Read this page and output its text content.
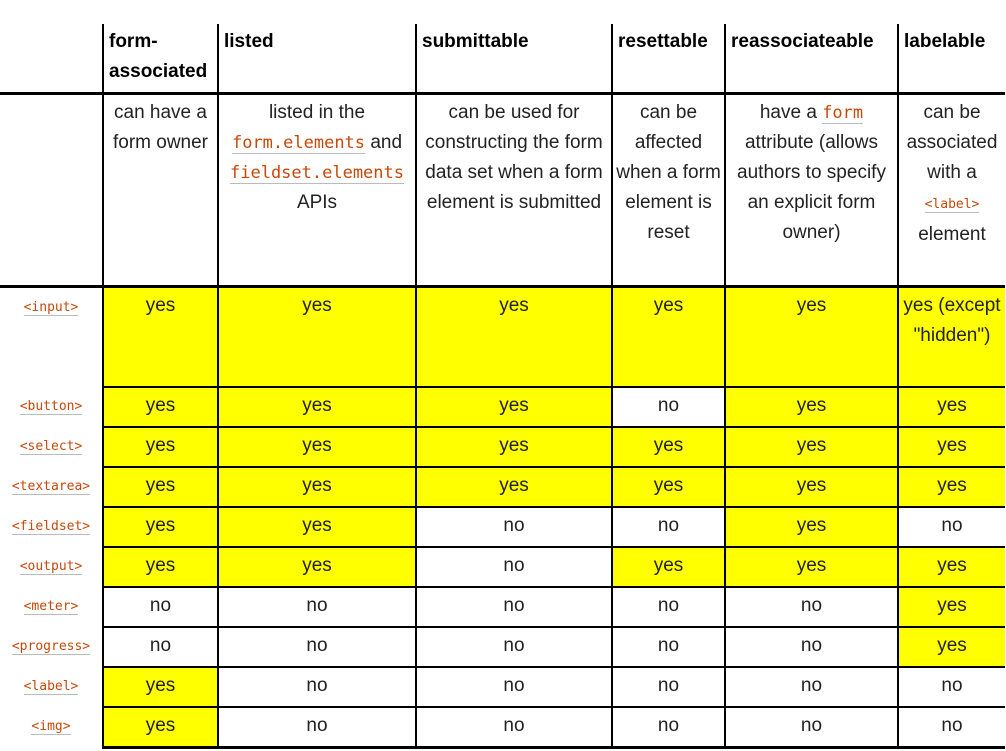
	form-associated	listed	submittable	resettable	reassociateable	labelable
	can have a form owner	listed in the
form.elements and
fieldset.elements
APIs	can be used for constructing the form data set when a form element is submitted	can be affected when a form element is reset	have a form attribute (allows authors to specify an explicit form owner)	can be associated with a
<label>
element
<input>	yes	yes	yes	yes	yes	yes (except "hidden")
<button>	yes	yes	yes	no	yes	yes
<select>	yes	yes	yes	yes	yes	yes
<textarea>	yes	yes	yes	yes	yes	yes
<fieldset>	yes	yes	no	no	yes	no
<output>	yes	yes	no	yes	yes	yes
<meter>	no	no	no	no	no	yes
<progress>	no	no	no	no	no	yes
<label>	yes	no	no	no	no	no
<img>	yes	no	no	no	no	no
